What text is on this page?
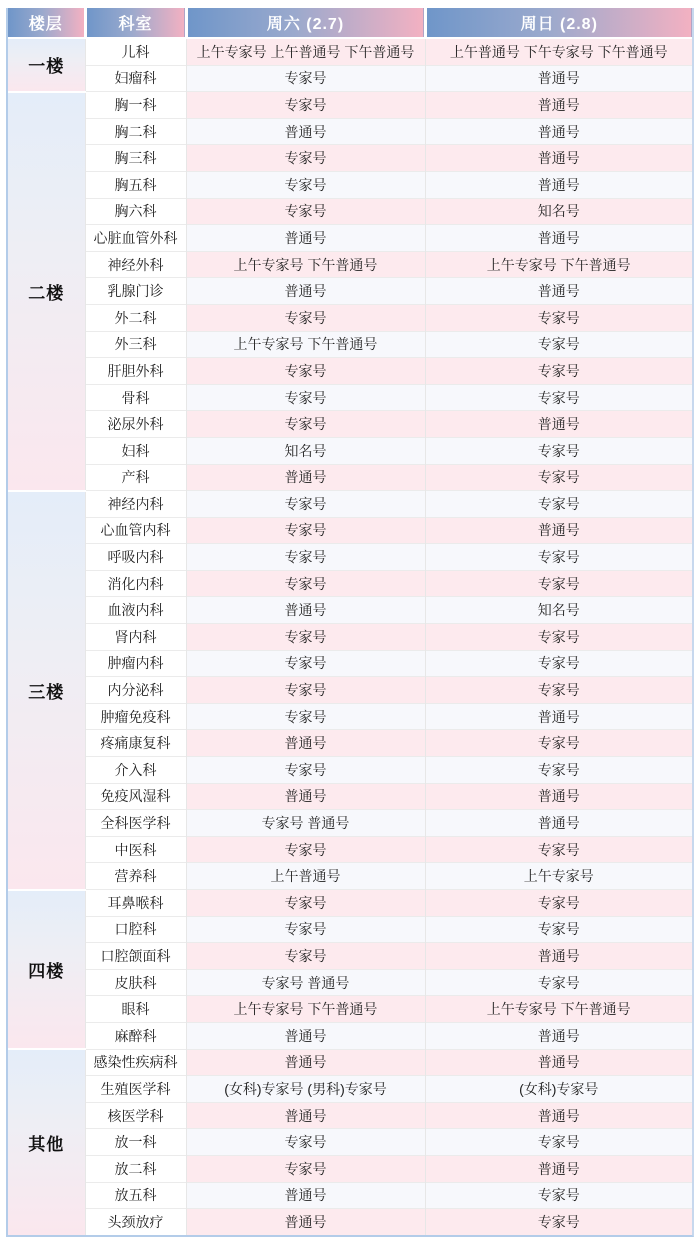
楼层	科室	周六 (2.7)	周日 (2.8)
一楼	儿科	上午专家号 上午普通号 下午普通号	上午普通号 下午专家号 下午普通号
	妇瘤科	专家号	普通号
二楼	胸一科	专家号	普通号
	胸二科	普通号	普通号
	胸三科	专家号	普通号
	胸五科	专家号	普通号
	胸六科	专家号	知名号
	心脏血管外科	普通号	普通号
	神经外科	上午专家号 下午普通号	上午专家号 下午普通号
	乳腺门诊	普通号	普通号
	外二科	专家号	专家号
	外三科	上午专家号 下午普通号	专家号
	肝胆外科	专家号	专家号
	骨科	专家号	专家号
	泌尿外科	专家号	普通号
	妇科	知名号	专家号
	产科	普通号	专家号
三楼	神经内科	专家号	专家号
	心血管内科	专家号	普通号
	呼吸内科	专家号	专家号
	消化内科	专家号	专家号
	血液内科	普通号	知名号
	肾内科	专家号	专家号
	肿瘤内科	专家号	专家号
	内分泌科	专家号	专家号
	肿瘤免疫科	专家号	普通号
	疼痛康复科	普通号	专家号
	介入科	专家号	专家号
	免疫风湿科	普通号	普通号
	全科医学科	专家号 普通号	普通号
	中医科	专家号	专家号
	营养科	上午普通号	上午专家号
四楼	耳鼻喉科	专家号	专家号
	口腔科	专家号	专家号
	口腔颌面科	专家号	普通号
	皮肤科	专家号 普通号	专家号
	眼科	上午专家号 下午普通号	上午专家号 下午普通号
	麻醉科	普通号	普通号
其他	感染性疾病科	普通号	普通号
	生殖医学科	(女科)专家号 (男科)专家号	(女科)专家号
	核医学科	普通号	普通号
	放一科	专家号	专家号
	放二科	专家号	普通号
	放五科	普通号	专家号
	头颈放疗	普通号	专家号
